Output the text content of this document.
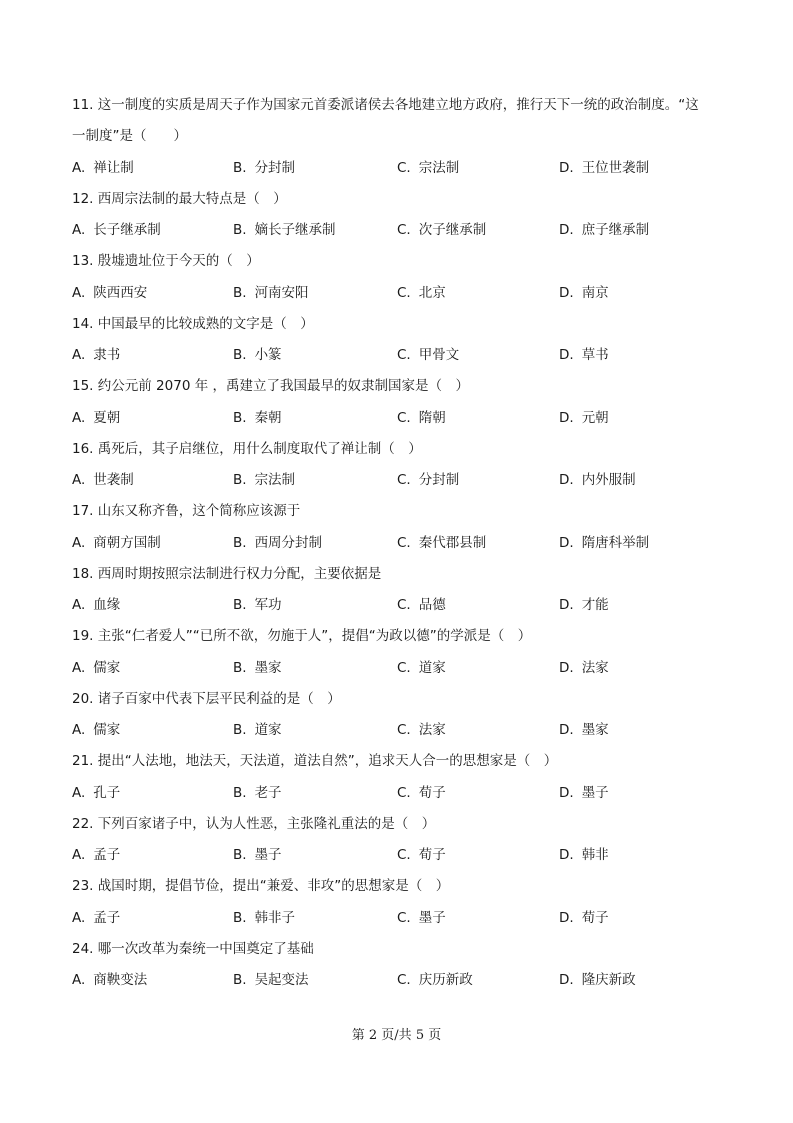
11. 这一制度的实质是周天子作为国家元首委派诸侯去各地建立地方政府，推行天下一统的政治制度。“这
一制度”是（　　）
A. 禅让制	B. 分封制	C. 宗法制	D. 王位世袭制
12. 西周宗法制的最大特点是（　）
A. 长子继承制	B. 嫡长子继承制	C. 次子继承制	D. 庶子继承制
13. 殷墟遗址位于今天的（　）
A. 陕西西安	B. 河南安阳	C. 北京	D. 南京
14. 中国最早的比较成熟的文字是（　）
A. 隶书	B. 小篆	C. 甲骨文	D. 草书
15. 约公元前 2070 年 ，禹建立了我国最早的奴隶制国家是（　）
A. 夏朝	B. 秦朝	C. 隋朝	D. 元朝
16. 禹死后，其子启继位，用什么制度取代了禅让制（　）
A. 世袭制	B. 宗法制	C. 分封制	D. 内外服制
17. 山东又称齐鲁，这个简称应该源于
A. 商朝方国制	B. 西周分封制	C. 秦代郡县制	D. 隋唐科举制
18. 西周时期按照宗法制进行权力分配，主要依据是
A. 血缘	B. 军功	C. 品德	D. 才能
19. 主张“仁者爱人”“已所不欲，勿施于人”，提倡“为政以德”的学派是（　）
A. 儒家	B. 墨家	C. 道家	D. 法家
20. 诸子百家中代表下层平民利益的是（　）
A. 儒家	B. 道家	C. 法家	D. 墨家
21. 提出“人法地，地法天，天法道，道法自然”，追求天人合一的思想家是（　）
A. 孔子	B. 老子	C. 荀子	D. 墨子
22. 下列百家诸子中，认为人性恶，主张隆礼重法的是（　）
A. 孟子	B. 墨子	C. 荀子	D. 韩非
23. 战国时期，提倡节俭，提出“兼爱、非攻”的思想家是（　）
A. 孟子	B. 韩非子	C. 墨子	D. 荀子
24. 哪一次改革为秦统一中国奠定了基础
A. 商鞅变法	B. 吴起变法	C. 庆历新政	D. 隆庆新政
第 2 页/共 5 页
